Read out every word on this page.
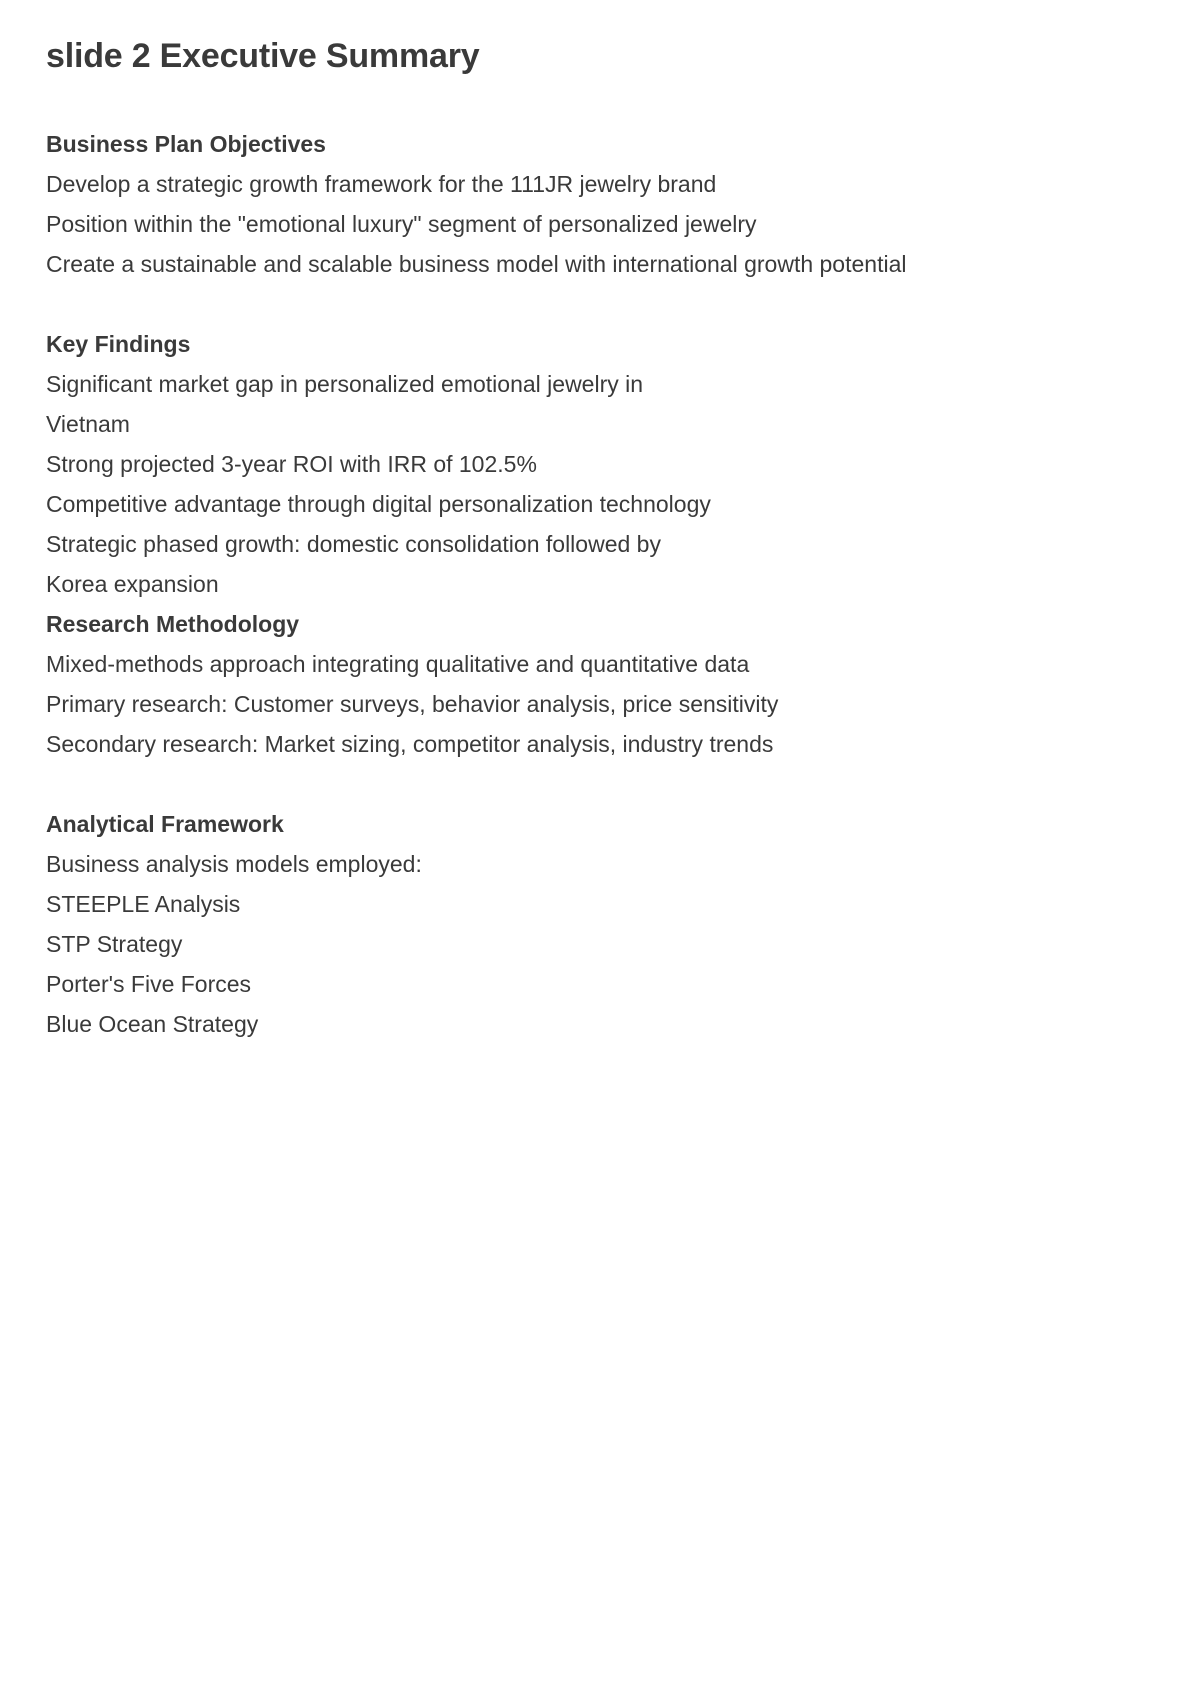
slide 2 Executive Summary
Business Plan Objectives
Develop a strategic growth framework for the 111JR jewelry brand
Position within the "emotional luxury" segment of personalized jewelry
Create a sustainable and scalable business model with international growth potential
Key Findings
Significant market gap in personalized emotional jewelry in
Vietnam
Strong projected 3-year ROI with IRR of 102.5%
Competitive advantage through digital personalization technology
Strategic phased growth: domestic consolidation followed by
Korea expansion
Research Methodology
Mixed-methods approach integrating qualitative and quantitative data
Primary research: Customer surveys, behavior analysis, price sensitivity
Secondary research: Market sizing, competitor analysis, industry trends
Analytical Framework
Business analysis models employed:
STEEPLE Analysis
STP Strategy
Porter's Five Forces
Blue Ocean Strategy
